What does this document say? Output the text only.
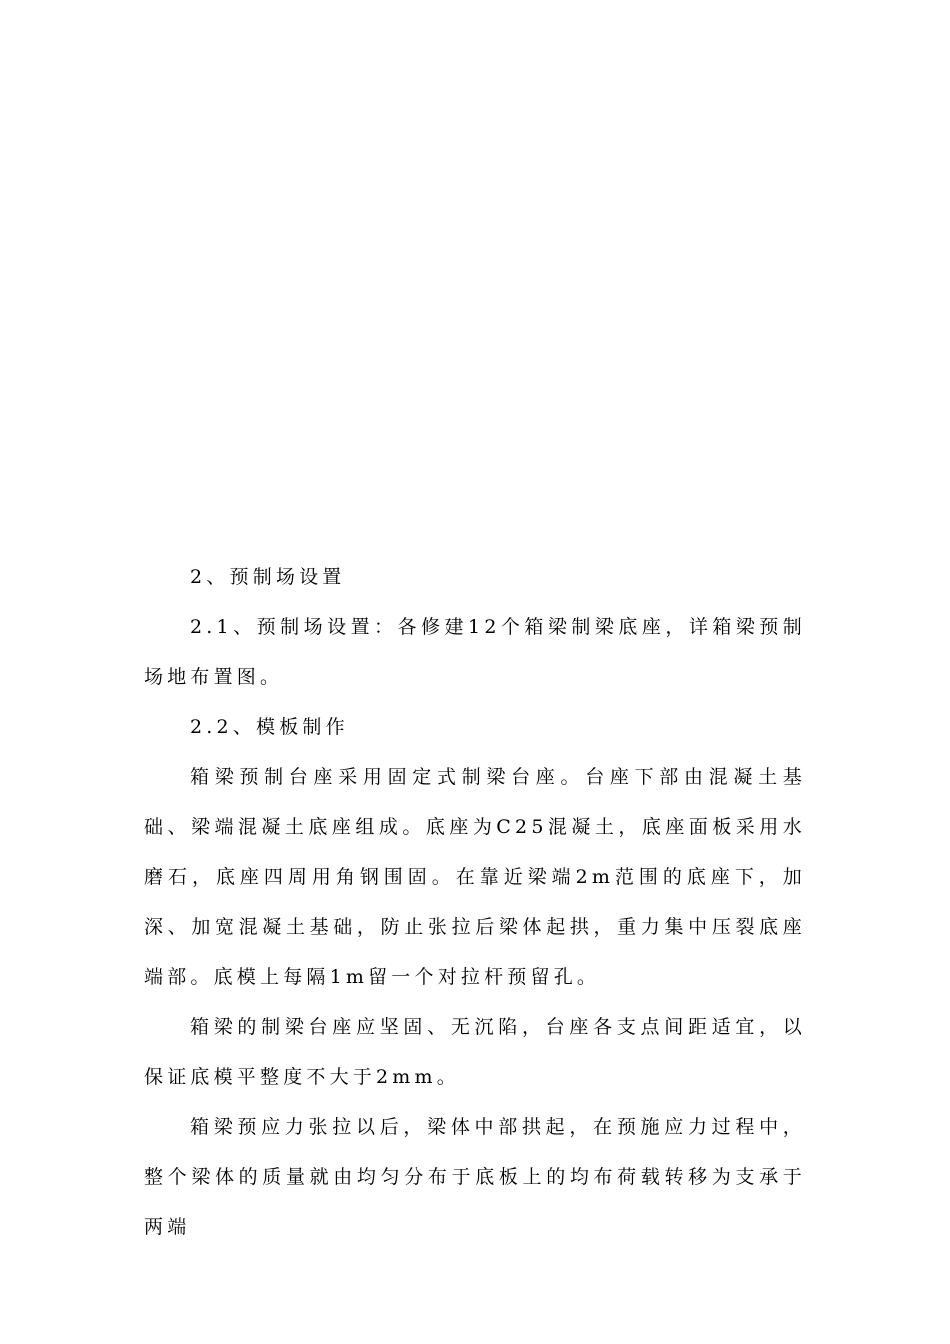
2、预制场设置

2.1、预制场设置：各修建12个箱梁制梁底座，详箱梁预制场地布置图。

2.2、模板制作

箱梁预制台座采用固定式制梁台座。台座下部由混凝土基础、梁端混凝土底座组成。底座为C25混凝土，底座面板采用水磨石，底座四周用角钢围固。在靠近梁端2m范围的底座下，加深、加宽混凝土基础，防止张拉后梁体起拱，重力集中压裂底座端部。底模上每隔1m留一个对拉杆预留孔。

箱梁的制梁台座应坚固、无沉陷，台座各支点间距适宜，以保证底模平整度不大于2mm。

箱梁预应力张拉以后，梁体中部拱起，在预施应力过程中，整个梁体的质量就由均匀分布于底板上的均布荷载转移为支承于两端
